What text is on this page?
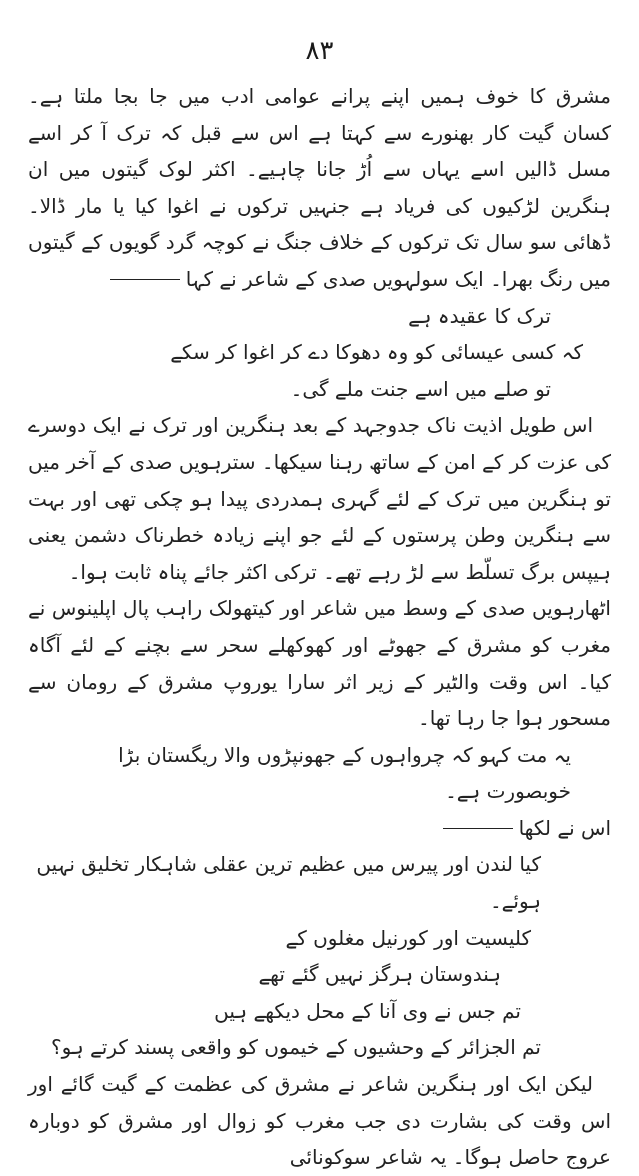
۸۳

مشرق کا خوف ہمیں اپنے پرانے عوامی ادب میں جا بجا ملتا ہے۔ کسان گیت کار بھنورے سے کہتا ہے اس سے قبل کہ ترک آ کر اسے مسل ڈالیں اسے یہاں سے اُڑ جانا چاہیے۔ اکثر لوک گیتوں میں ان ہنگرین لڑکیوں کی فریاد ہے جنہیں ترکوں نے اغوا کیا یا مار ڈالا۔ ڈھائی سو سال تک ترکوں کے خلاف جنگ نے کوچہ گرد گویوں کے گیتوں میں رنگ بھرا۔ ایک سولہویں صدی کے شاعر نے کہا

ترک کا عقیدہ ہے

کہ کسی عیسائی کو وہ دھوکا دے کر اغوا کر سکے

تو صلے میں اسے جنت ملے گی۔

اس طویل اذیت ناک جدوجہد کے بعد ہنگرین اور ترک نے ایک دوسرے کی عزت کر کے امن کے ساتھ رہنا سیکھا۔ سترہویں صدی کے آخر میں تو ہنگرین میں ترک کے لئے گہری ہمدردی پیدا ہو چکی تھی اور بہت سے ہنگرین وطن پرستوں کے لئے جو اپنے زیادہ خطرناک دشمن یعنی ہیپس برگ تسلّط سے لڑ رہے تھے۔ ترکی اکثر جائے پناہ ثابت ہوا۔

اٹھارہویں صدی کے وسط میں شاعر اور کیتھولک راہب پال اپلینوس نے مغرب کو مشرق کے جھوٹے اور کھوکھلے سحر سے بچنے کے لئے آگاہ کیا۔ اس وقت والٹیر کے زیر اثر سارا یوروپ مشرق کے رومان سے مسحور ہوا جا رہا تھا۔

یہ مت کہو کہ چرواہوں کے جھونپڑوں والا ریگستان بڑا خوبصورت ہے۔

اس نے لکھا

کیا لندن اور پیرس میں عظیم ترین عقلی شاہکار تخلیق نہیں ہوئے۔

کلیسیت اور کورنیل مغلوں کے

ہندوستان ہرگز نہیں گئے تھے

تم جس نے وی آنا کے محل دیکھے ہیں

تم الجزائر کے وحشیوں کے خیموں کو واقعی پسند کرتے ہو؟

لیکن ایک اور ہنگرین شاعر نے مشرق کی عظمت کے گیت گائے اور اس وقت کی بشارت دی جب مغرب کو زوال اور مشرق کو دوبارہ عروج حاصل ہوگا۔ یہ شاعر سوکونائی
